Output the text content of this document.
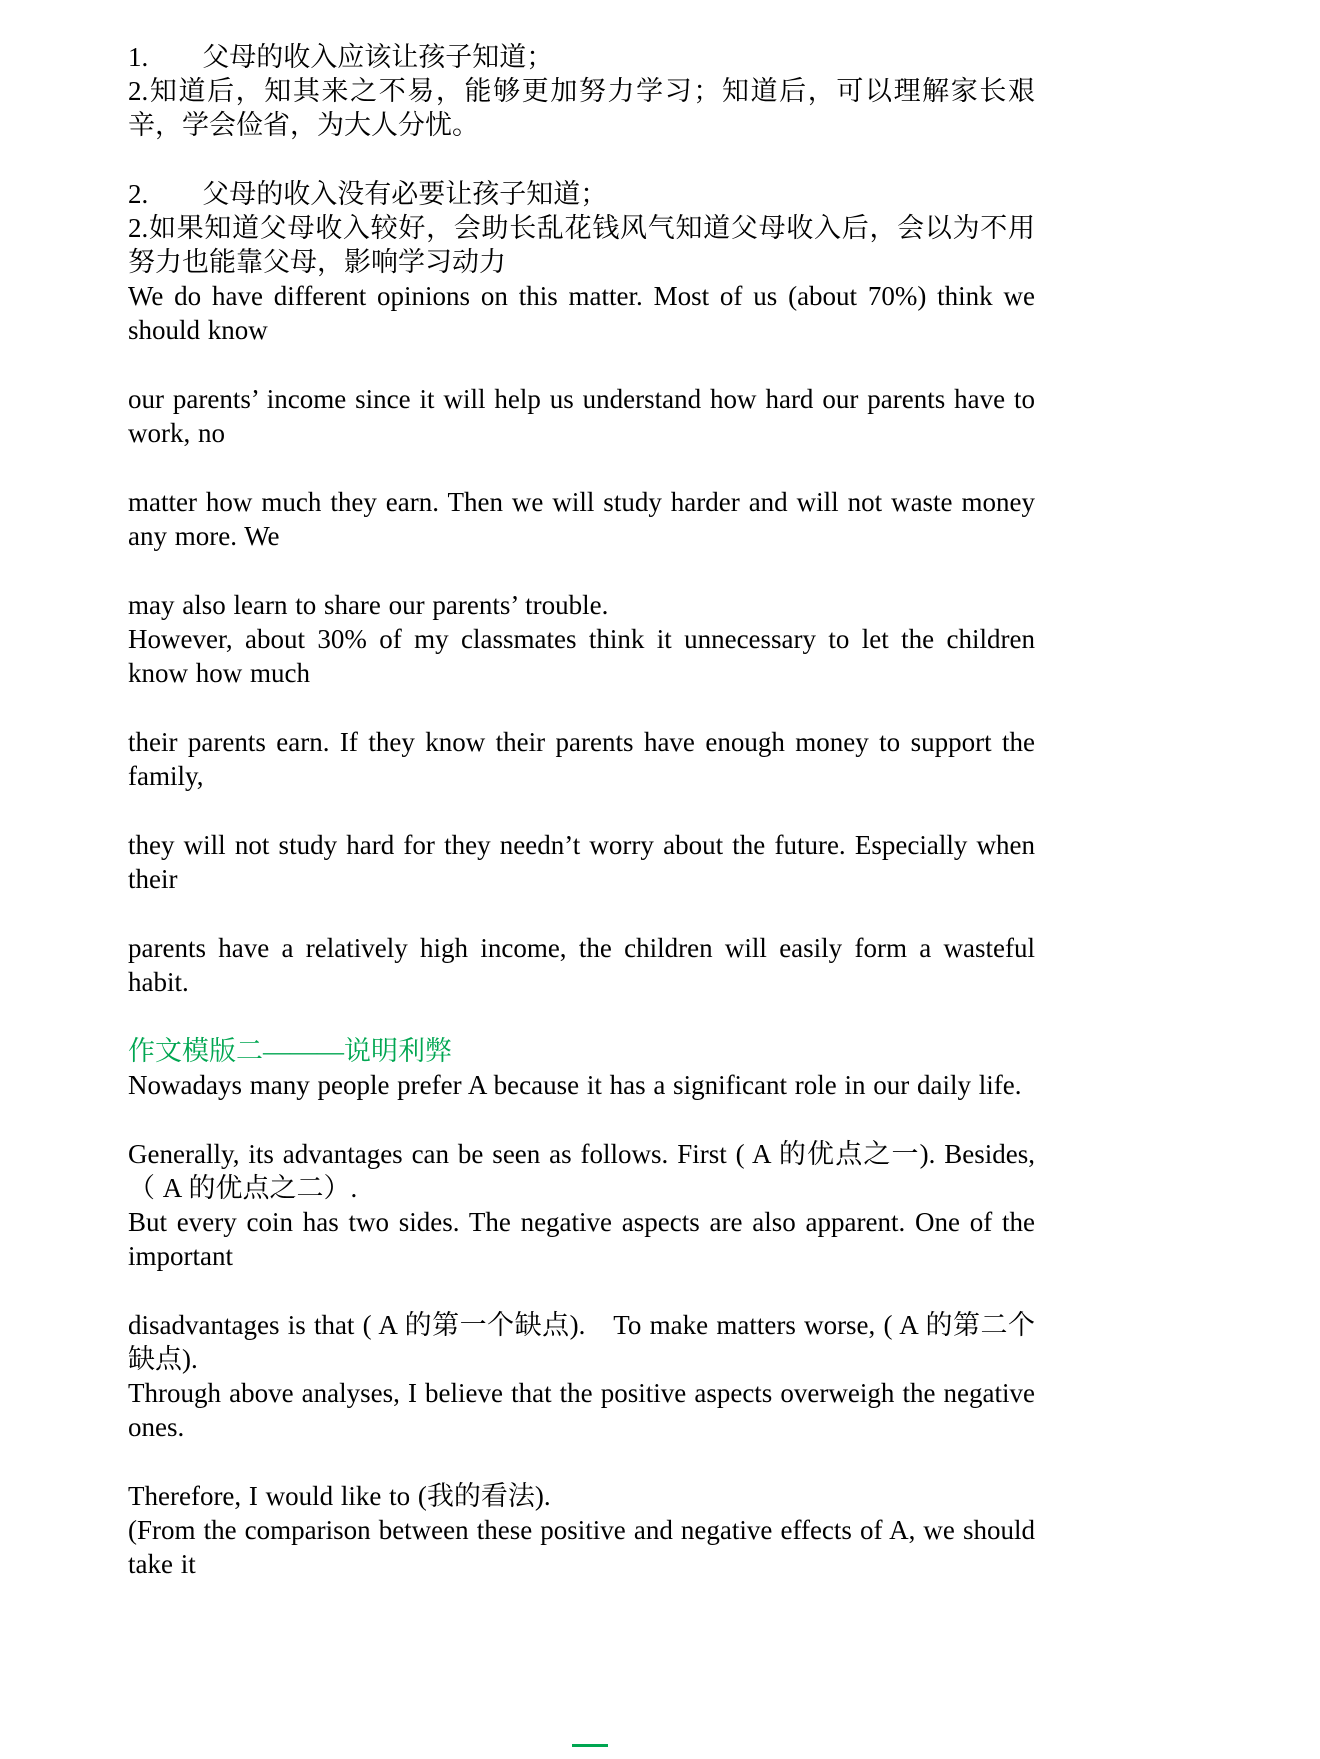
1.　　父母的收入应该让孩子知道；

2.知道后，知其来之不易，能够更加努力学习；知道后，可以理解家长艰辛，学会俭省，为大人分忧。

2.　　父母的收入没有必要让孩子知道；

2.如果知道父母收入较好，会助长乱花钱风气知道父母收入后，会以为不用努力也能靠父母，影响学习动力

We do have different opinions on this matter. Most of us (about 70%) think we should know

our parents’ income since it will help us understand how hard our parents have to work, no

matter how much they earn. Then we will study harder and will not waste money any more. We

may also learn to share our parents’ trouble.

However, about 30% of my classmates think it unnecessary to let the children know how much

their parents earn. If they know their parents have enough money to support the family,

they will not study hard for they needn’t worry about the future. Especially when their

parents have a relatively high income, the children will easily form a wasteful habit.

作文模版二———说明利弊

Nowadays many people prefer A because it has a significant role in our daily life.

Generally, its advantages can be seen as follows. First ( A 的优点之一). Besides,（ A 的优点之二）.

But every coin has two sides. The negative aspects are also apparent. One of the important

disadvantages is that ( A 的第一个缺点).　To make matters worse, ( A 的第二个缺点).

Through above analyses, I believe that the positive aspects overweigh the negative ones.

Therefore, I would like to (我的看法).

(From the comparison between these positive and negative effects of A, we should take it
